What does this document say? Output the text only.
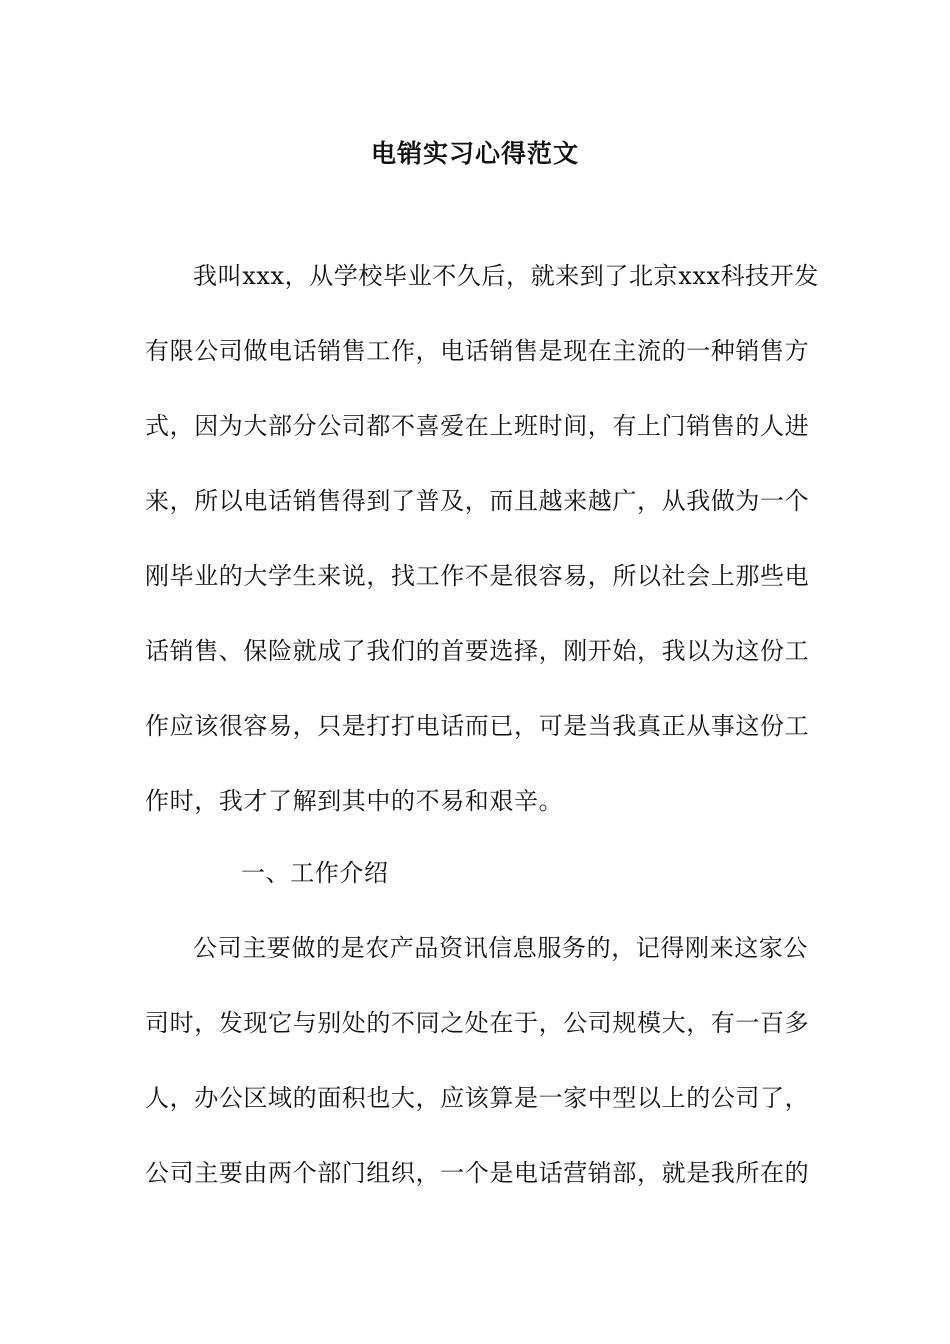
电销实习心得范文
我叫xxx，从学校毕业不久后，就来到了北京xxx科技开发
有限公司做电话销售工作，电话销售是现在主流的一种销售方
式，因为大部分公司都不喜爱在上班时间，有上门销售的人进
来，所以电话销售得到了普及，而且越来越广，从我做为一个
刚毕业的大学生来说，找工作不是很容易，所以社会上那些电
话销售、保险就成了我们的首要选择，刚开始，我以为这份工
作应该很容易，只是打打电话而已，可是当我真正从事这份工
作时，我才了解到其中的不易和艰辛。
一、工作介绍
公司主要做的是农产品资讯信息服务的，记得刚来这家公
司时，发现它与别处的不同之处在于，公司规模大，有一百多
人，办公区域的面积也大，应该算是一家中型以上的公司了，
公司主要由两个部门组织，一个是电话营销部，就是我所在的
